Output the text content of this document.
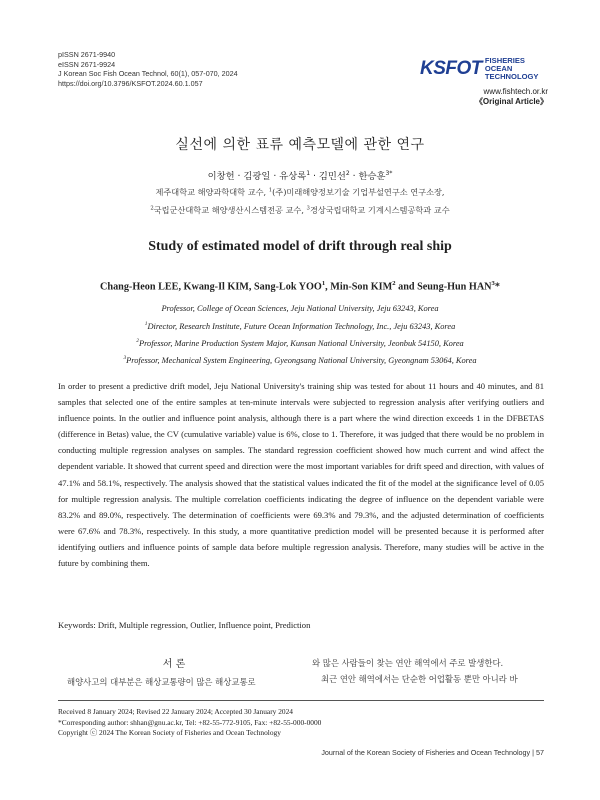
pISSN 2671-9940
eISSN 2671-9924
J Korean Soc Fish Ocean Technol, 60(1), 057-070, 2024
https://doi.org/10.3796/KSFOT.2024.60.1.057
KSFOT FISHERIES OCEAN
TECHNOLOGY
www.fishtech.or.kr
《Original Article》
실선에 의한 표류 예측모델에 관한 연구
이창헌 · 김광일 · 유상록$^1$ · 김민선$^2$ · 한승훈$^{3*}$
제주대학교 해양과학대학 교수, $^1$(주)미래해양정보기술 기업부설연구소 연구소장,
$^2$국립군산대학교 해양생산시스템전공 교수, $^3$경상국립대학교 기계시스템공학과 교수
Study of estimated model of drift through real ship
Chang-Heon LEE, Kwang-Il KIM, Sang-Lok YOO$^1$, Min-Son KIM$^2$ and Seung-Hun HAN$^3$*
Professor, College of Ocean Sciences, Jeju National University, Jeju 63243, Korea
$^1$Director, Research Institute, Future Ocean Information Technology, Inc., Jeju 63243, Korea
$^2$Professor, Marine Production System Major, Kunsan National University, Jeonbuk 54150, Korea
$^3$Professor, Mechanical System Engineering, Gyeongsang National University, Gyeongnam 53064, Korea
In order to present a predictive drift model, Jeju National University's training ship was tested for about 11 hours and 40 minutes, and 81 samples that selected one of the entire samples at ten-minute intervals were subjected to regression analysis after verifying outliers and influence points. In the outlier and influence point analysis, although there is a part where the wind direction exceeds 1 in the DFBETAS (difference in Betas) value, the CV (cumulative variable) value is 6%, close to 1. Therefore, it was judged that there would be no problem in conducting multiple regression analyses on samples. The standard regression coefficient showed how much current and wind affect the dependent variable. It showed that current speed and direction were the most important variables for drift speed and direction, with values of 47.1% and 58.1%, respectively. The analysis showed that the statistical values indicated the fit of the model at the significance level of 0.05 for multiple regression analysis. The multiple correlation coefficients indicating the degree of influence on the dependent variable were 83.2% and 89.0%, respectively. The determination of coefficients were 69.3% and 79.3%, and the adjusted determination of coefficients were 67.6% and 78.3%, respectively. In this study, a more quantitative prediction model will be presented because it is performed after identifying outliers and influence points of sample data before multiple regression analysis. Therefore, many studies will be active in the future by combining them.
Keywords: Drift, Multiple regression, Outlier, Influence point, Prediction
서 론
해양사고의 대부분은 해상교통량이 많은 해상교통로
와 많은 사람들이 찾는 연안 해역에서 주로 발생한다.
최근 연안 해역에서는 단순한 어업활동 뿐만 아니라 바
Received 8 January 2024; Revised 22 January 2024; Accepted 30 January 2024
*Corresponding author: shhan@gnu.ac.kr, Tel: +82-55-772-9105, Fax: +82-55-000-0000
Copyright ⓒ 2024 The Korean Society of Fisheries and Ocean Technology
Journal of the Korean Society of Fisheries and Ocean Technology | 57
